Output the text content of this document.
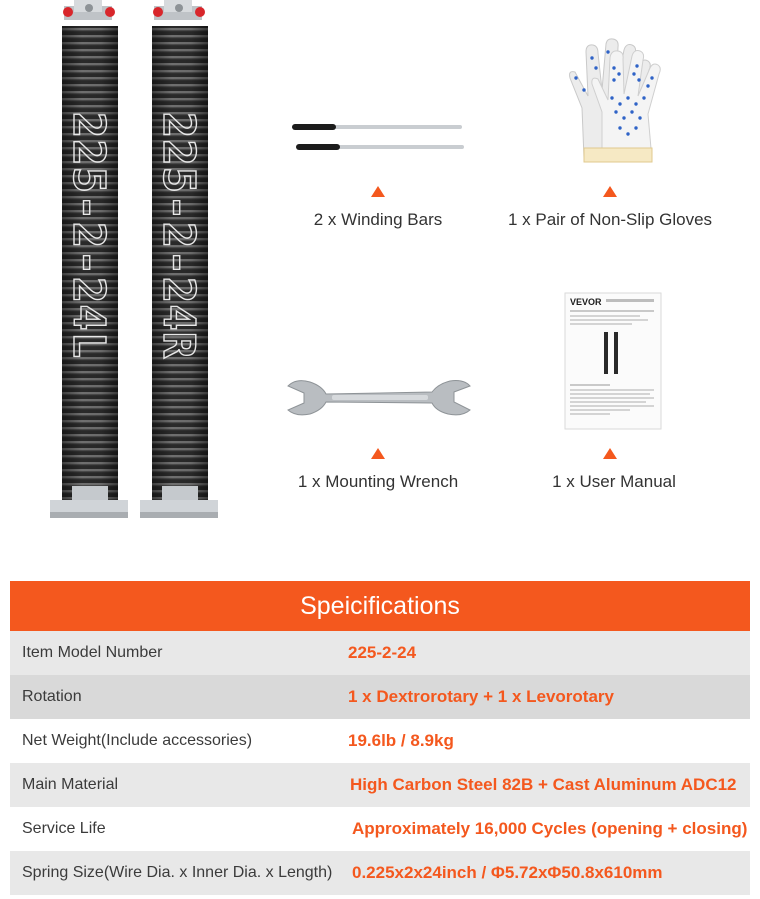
2 x Winding Bars	1 x Pair of Non-Slip Gloves
1 x Mounting Wrench
VEVOR
1 x User Manual
Speicifications
Item Model Number	225-2-24
Rotation	1 x Dextrorotary + 1 x Levorotary
Net Weight(Include accessories)	19.6lb / 8.9kg
Main Material	High Carbon Steel 82B + Cast Aluminum ADC12
Service Life	Approximately 16,000 Cycles (opening + closing)
Spring Size(Wire Dia. x Inner Dia. x Length) 0.225x2x24inch / Φ5.72xΦ50.8x610mm
